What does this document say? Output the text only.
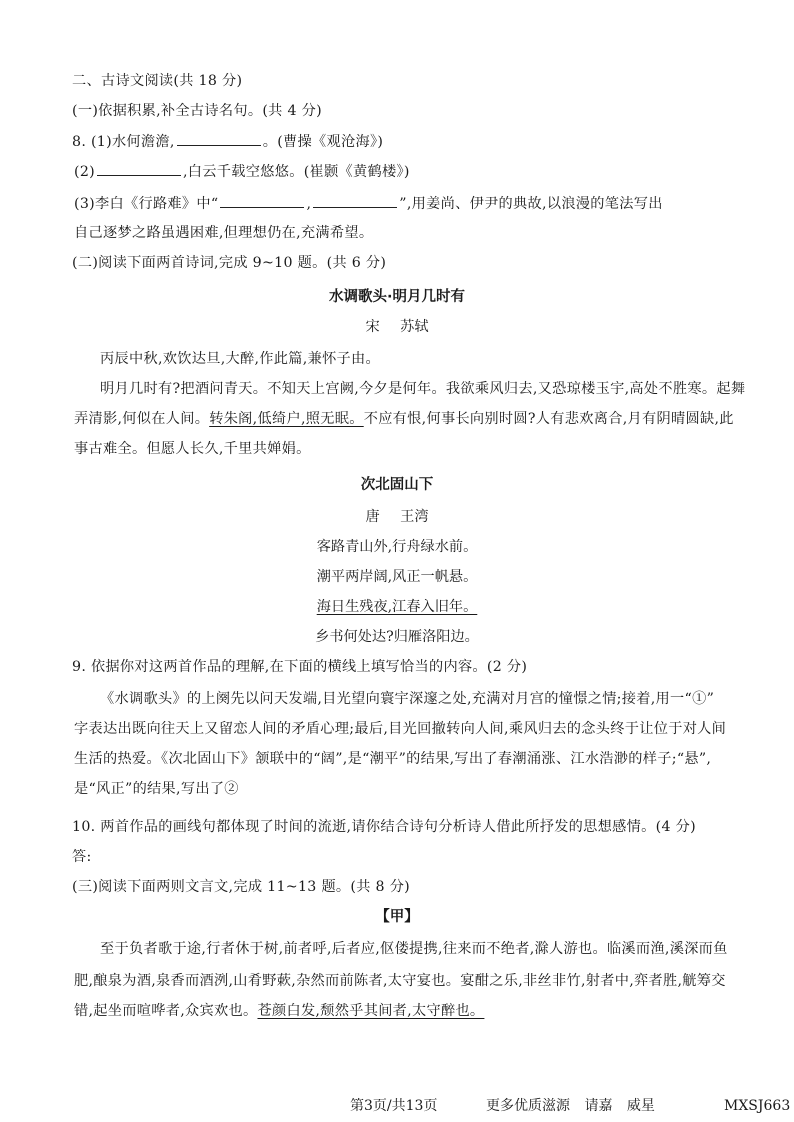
二、古诗文阅读(共 18 分)
(一)依据积累,补全古诗名句。(共 4 分)
8. (1)水何澹澹,	。(曹操《观沧海》)
(2)	,白云千载空悠悠。(崔颢《黄鹤楼》)
(3)李白《行路难》中“	,	”,用姜尚、伊尹的典故,以浪漫的笔法写出
自己逐梦之路虽遇困难,但理想仍在,充满希望。
(二)阅读下面两首诗词,完成 9~10 题。(共 6 分)
水调歌头·明月几时有
宋 苏轼
丙辰中秋,欢饮达旦,大醉,作此篇,兼怀子由。
明月几时有?把酒问青天。不知天上宫阙,今夕是何年。我欲乘风归去,又恐琼楼玉宇,高处不胜寒。起舞
弄清影,何似在人间。转朱阁,低绮户,照无眠。不应有恨,何事长向别时圆?人有悲欢离合,月有阴晴圆缺,此
事古难全。但愿人长久,千里共婵娟。
次北固山下
唐 王湾
客路青山外,行舟绿水前。
潮平两岸阔,风正一帆悬。
海日生残夜,江春入旧年。
乡书何处达?归雁洛阳边。
9. 依据你对这两首作品的理解,在下面的横线上填写恰当的内容。(2 分)
《水调歌头》的上阕先以问天发端,目光望向寰宇深邃之处,充满对月宫的憧憬之情;接着,用一“①”
字表达出既向往天上又留恋人间的矛盾心理;最后,目光回撤转向人间,乘风归去的念头终于让位于对人间
生活的热爱。《次北固山下》颔联中的“阔”,是“潮平”的结果,写出了春潮涌涨、江水浩渺的样子;“悬”,
是“风正”的结果,写出了②
10. 两首作品的画线句都体现了时间的流逝,请你结合诗句分析诗人借此所抒发的思想感情。(4 分)
答:
(三)阅读下面两则文言文,完成 11~13 题。(共 8 分)
【甲】
至于负者歌于途,行者休于树,前者呼,后者应,伛偻提携,往来而不绝者,滁人游也。临溪而渔,溪深而鱼
肥,酿泉为酒,泉香而酒洌,山肴野蔌,杂然而前陈者,太守宴也。宴酣之乐,非丝非竹,射者中,弈者胜,觥筹交
错,起坐而喧哗者,众宾欢也。苍颜白发,颓然乎其间者,太守醉也。
第3页/共13页	更多优质滋源 请嘉 威星	MXSJ663
